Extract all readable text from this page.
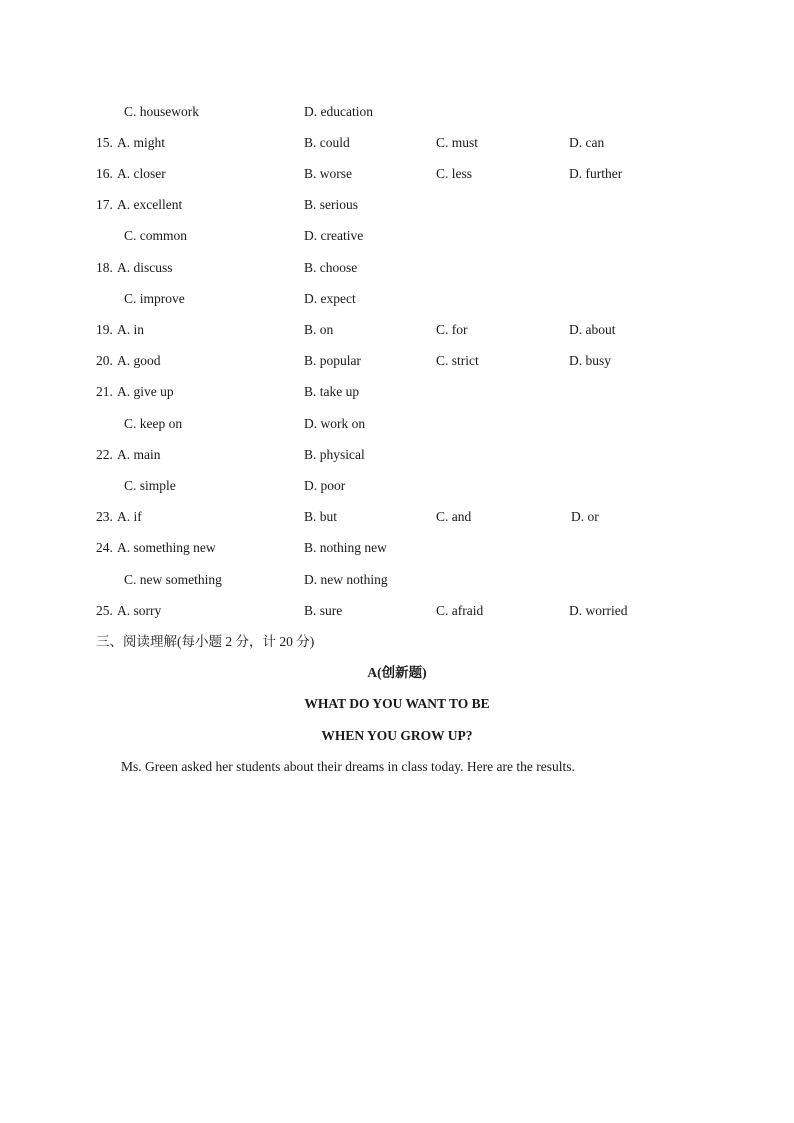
C. housework	D. education
15. A. might	B. could	C. must	D. can
16. A. closer	B. worse	C. less	D. further
17. A. excellent	B. serious
C. common	D. creative
18. A. discuss	B. choose
C. improve	D. expect
19. A. in	B. on	C. for	D. about
20. A. good	B. popular	C. strict	D. busy
21. A. give up	B. take up
C. keep on	D. work on
22. A. main	B. physical
C. simple	D. poor
23. A. if	B. but	C. and	D. or
24. A. something new	B. nothing new
C. new something	D. new nothing
25. A. sorry	B. sure	C. afraid	D. worried
三、阅读理解(每小题 2 分，计 20 分)
A(创新题)
WHAT DO YOU WANT TO BE
WHEN YOU GROW UP?
Ms. Green asked her students about their dreams in class today. Here are the results.
